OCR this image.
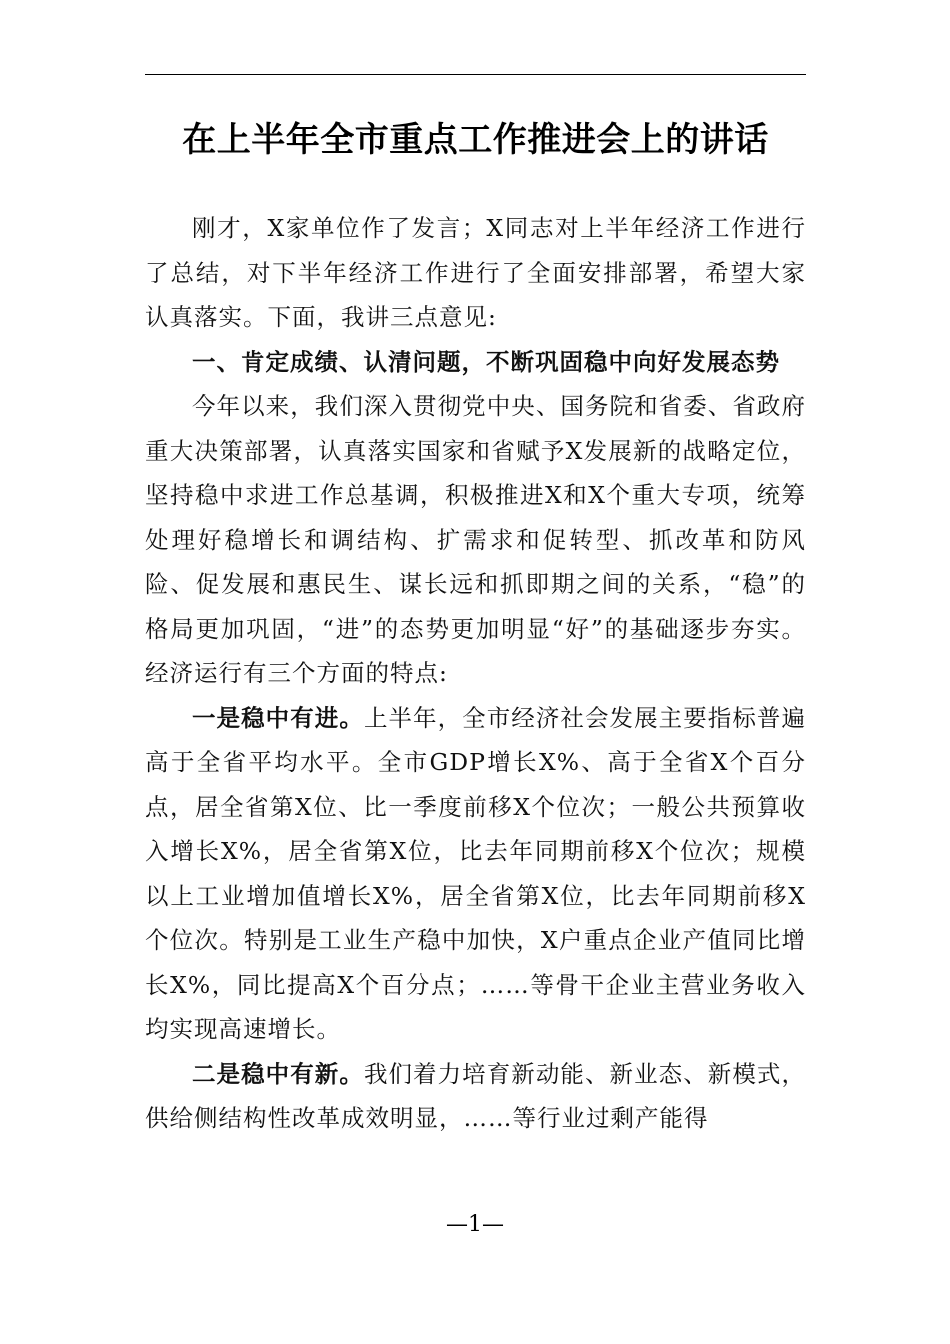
在上半年全市重点工作推进会上的讲话

刚才，X家单位作了发言；X同志对上半年经济工作进行了总结，对下半年经济工作进行了全面安排部署，希望大家认真落实。下面，我讲三点意见:

一、肯定成绩、认清问题，不断巩固稳中向好发展态势

今年以来，我们深入贯彻党中央、国务院和省委、省政府重大决策部署，认真落实国家和省赋予X发展新的战略定位，坚持稳中求进工作总基调，积极推进X和X个重大专项，统筹处理好稳增长和调结构、扩需求和促转型、抓改革和防风险、促发展和惠民生、谋长远和抓即期之间的关系，“稳”的格局更加巩固，“进”的态势更加明显“好”的基础逐步夯实。经济运行有三个方面的特点:

一是稳中有进。上半年，全市经济社会发展主要指标普遍高于全省平均水平。全市GDP增长X%、高于全省X个百分点，居全省第X位、比一季度前移X个位次；一般公共预算收入增长X%，居全省第X位，比去年同期前移X个位次；规模以上工业增加值增长X%，居全省第X位，比去年同期前移X个位次。特别是工业生产稳中加快，X户重点企业产值同比增长X%，同比提高X个百分点；……等骨干企业主营业务收入均实现高速增长。

二是稳中有新。我们着力培育新动能、新业态、新模式，供给侧结构性改革成效明显，……等行业过剩产能得

—1—
